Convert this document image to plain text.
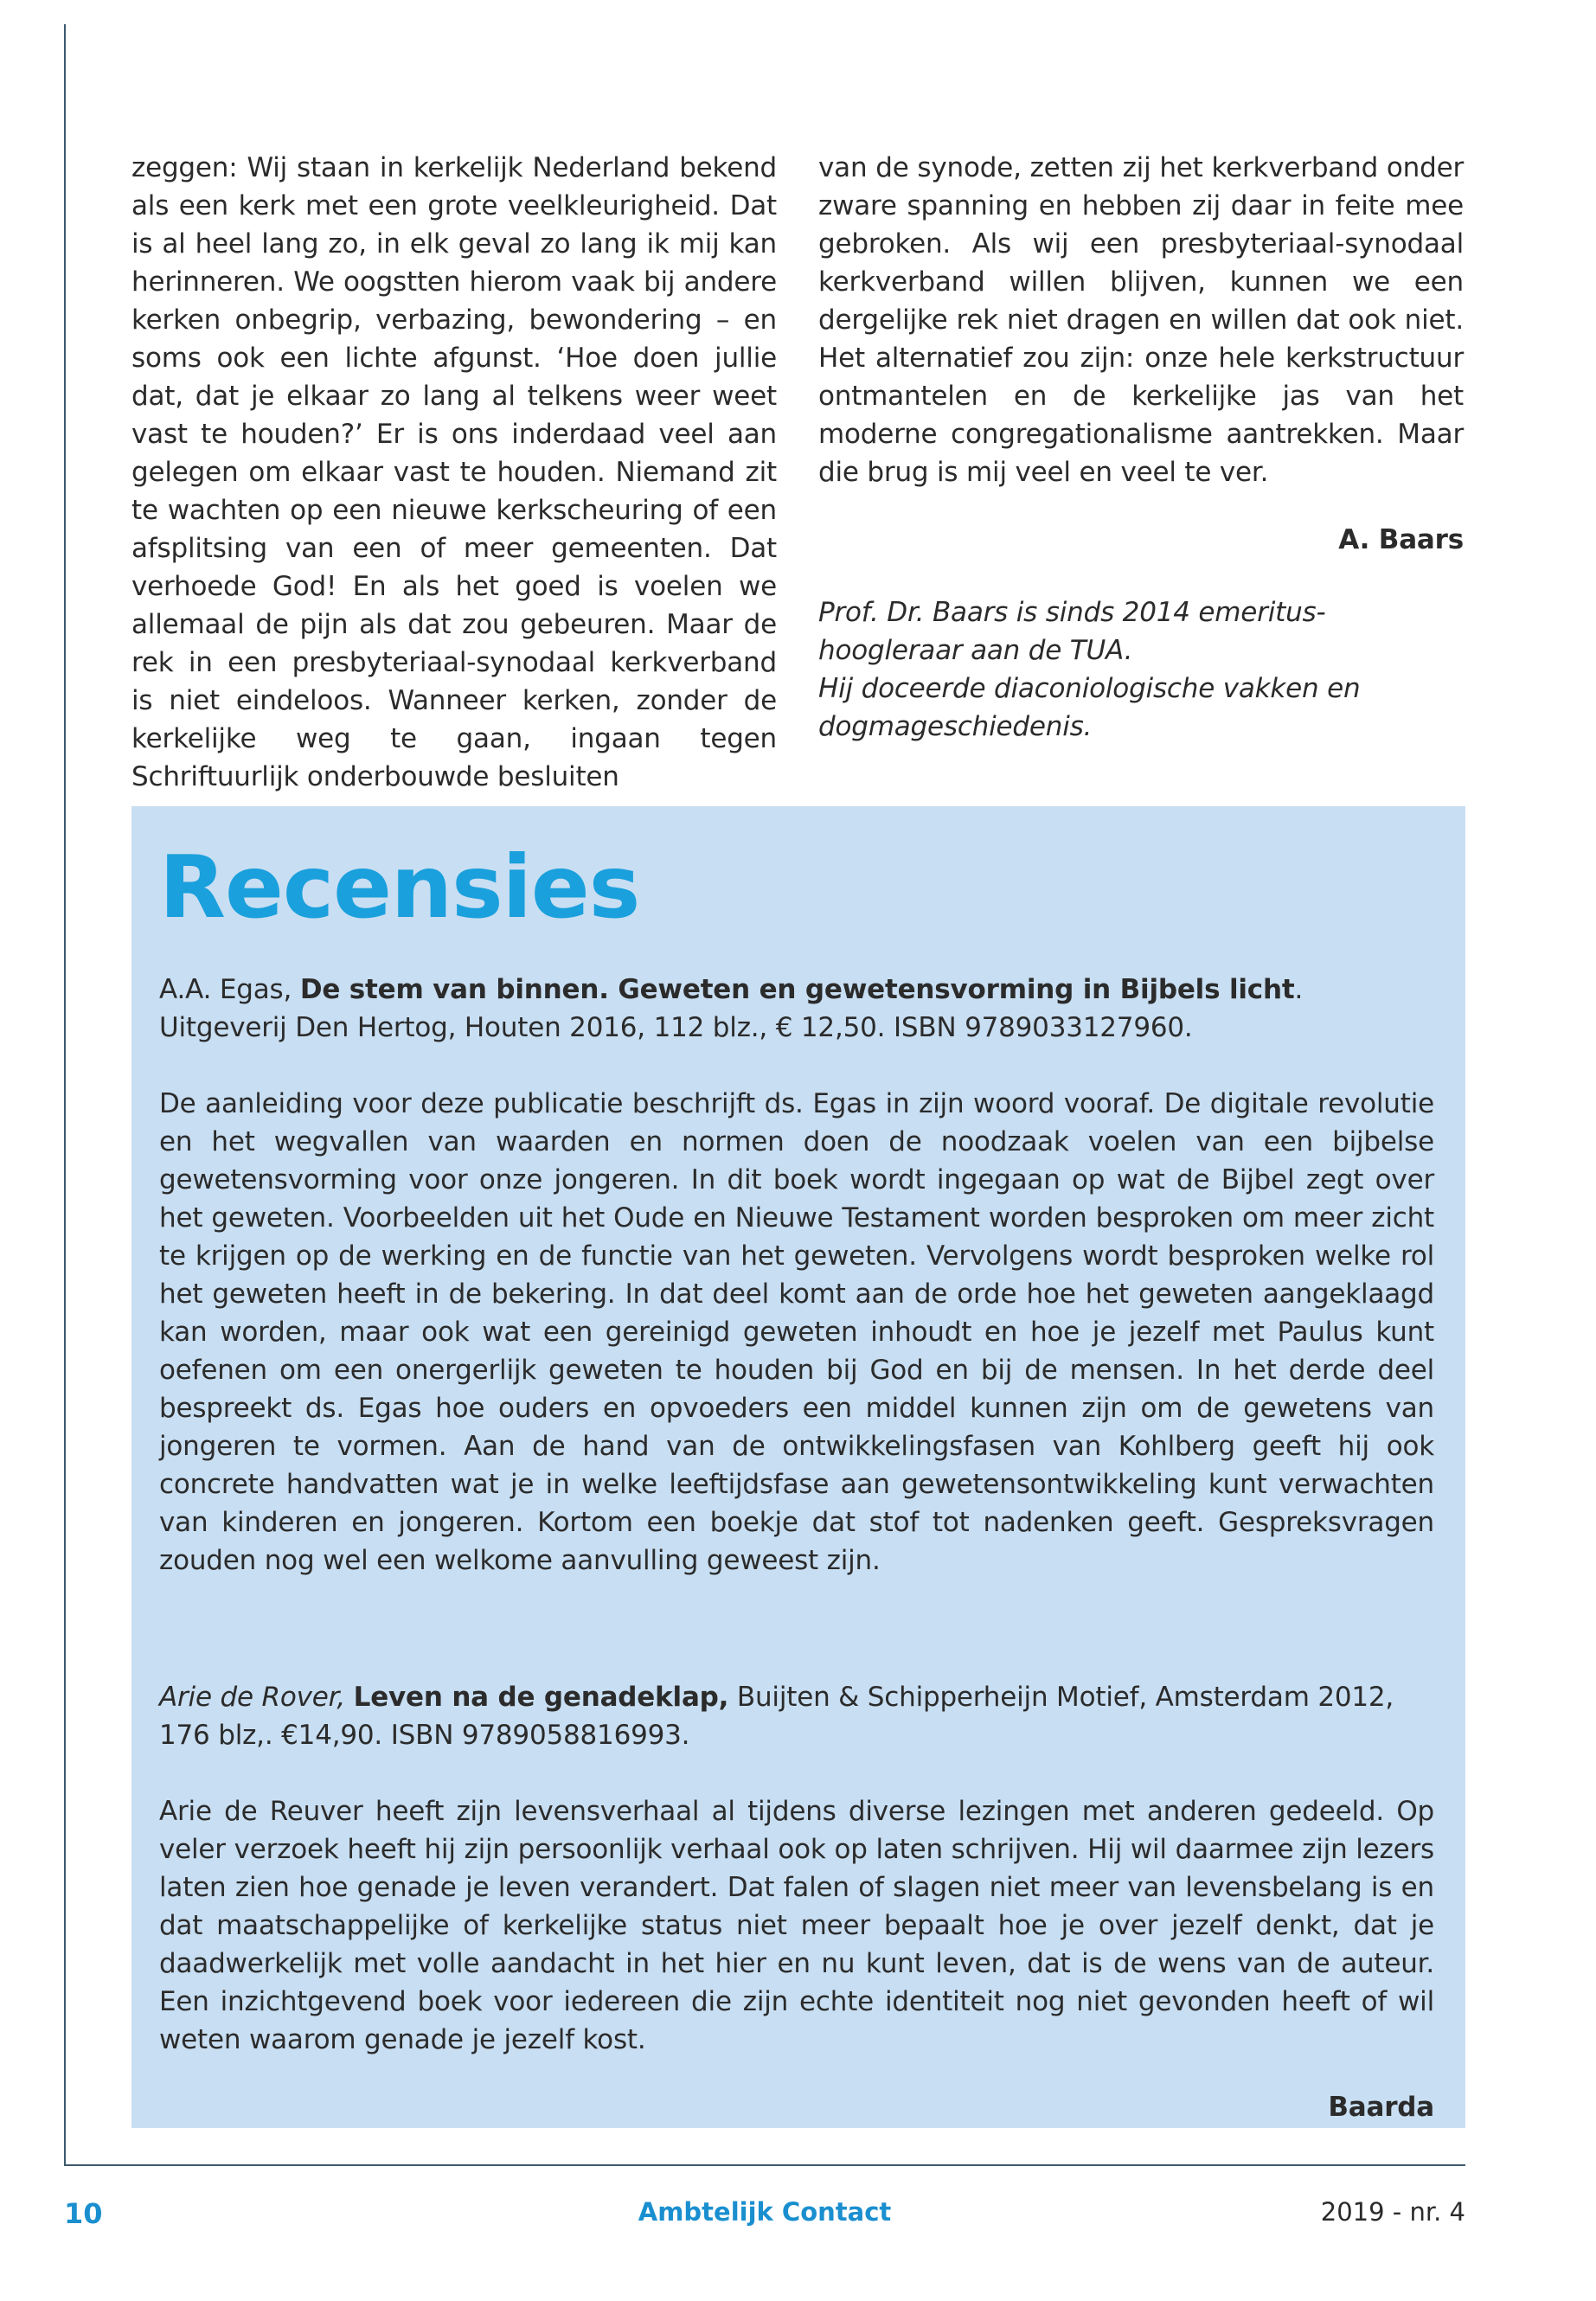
zeggen: Wij staan in kerkelijk Nederland bekend als een kerk met een grote veelkleurigheid. Dat is al heel lang zo, in elk geval zo lang ik mij kan herinneren. We oogstten hierom vaak bij andere kerken onbegrip, verbazing, bewondering – en soms ook een lichte afgunst. ‘Hoe doen jullie dat, dat je elkaar zo lang al telkens weer weet vast te houden?’ Er is ons inderdaad veel aan gelegen om elkaar vast te houden. Niemand zit te wachten op een nieuwe kerkscheuring of een afsplitsing van een of meer gemeenten. Dat verhoede God! En als het goed is voelen we allemaal de pijn als dat zou gebeuren. Maar de rek in een presbyteriaal-synodaal kerkverband is niet eindeloos. Wanneer kerken, zonder de kerkelijke weg te gaan, ingaan tegen Schriftuurlijk onderbouwde besluiten

van de synode, zetten zij het kerkverband onder zware spanning en hebben zij daar in feite mee gebroken. Als wij een presbyteriaal-synodaal kerkverband willen blijven, kunnen we een dergelijke rek niet dragen en willen dat ook niet. Het alternatief zou zijn: onze hele kerkstructuur ontmantelen en de kerkelijke jas van het moderne congregationalisme aantrekken. Maar die brug is mij veel en veel te ver.

A. Baars

Prof. Dr. Baars is sinds 2014 emeritus-hoogleraar aan de TUA.
Hij doceerde diaconiologische vakken en dogmageschiedenis.

Recensies

A.A. Egas, De stem van binnen. Geweten en gewetensvorming in Bijbels licht. Uitgeverij Den Hertog, Houten 2016, 112 blz., € 12,50. ISBN 9789033127960.

De aanleiding voor deze publicatie beschrijft ds. Egas in zijn woord vooraf. De digitale revolutie en het wegvallen van waarden en normen doen de noodzaak voelen van een bijbelse gewetensvorming voor onze jongeren. In dit boek wordt ingegaan op wat de Bijbel zegt over het geweten. Voorbeelden uit het Oude en Nieuwe Testament worden besproken om meer zicht te krijgen op de werking en de functie van het geweten. Vervolgens wordt besproken welke rol het geweten heeft in de bekering. In dat deel komt aan de orde hoe het geweten aangeklaagd kan worden, maar ook wat een gereinigd geweten inhoudt en hoe je jezelf met Paulus kunt oefenen om een onergerlijk geweten te houden bij God en bij de mensen. In het derde deel bespreekt ds. Egas hoe ouders en opvoeders een middel kunnen zijn om de gewetens van jongeren te vormen. Aan de hand van de ontwikkelingsfasen van Kohlberg geeft hij ook concrete handvatten wat je in welke leeftijdsfase aan gewetensontwikkeling kunt verwachten van kinderen en jongeren. Kortom een boekje dat stof tot nadenken geeft. Gespreksvragen zouden nog wel een welkome aanvulling geweest zijn.

Arie de Rover, Leven na de genadeklap, Buijten & Schipperheijn Motief, Amsterdam 2012, 176 blz,. €14,90. ISBN 9789058816993.

Arie de Reuver heeft zijn levensverhaal al tijdens diverse lezingen met anderen gedeeld. Op veler verzoek heeft hij zijn persoonlijk verhaal ook op laten schrijven. Hij wil daarmee zijn lezers laten zien hoe genade je leven verandert. Dat falen of slagen niet meer van levensbelang is en dat maatschappelijke of kerkelijke status niet meer bepaalt hoe je over jezelf denkt, dat je daadwerkelijk met volle aandacht in het hier en nu kunt leven, dat is de wens van de auteur. Een inzichtgevend boek voor iedereen die zijn echte identiteit nog niet gevonden heeft of wil weten waarom genade je jezelf kost.

Baarda

10	Ambtelijk Contact	2019 - nr. 4
